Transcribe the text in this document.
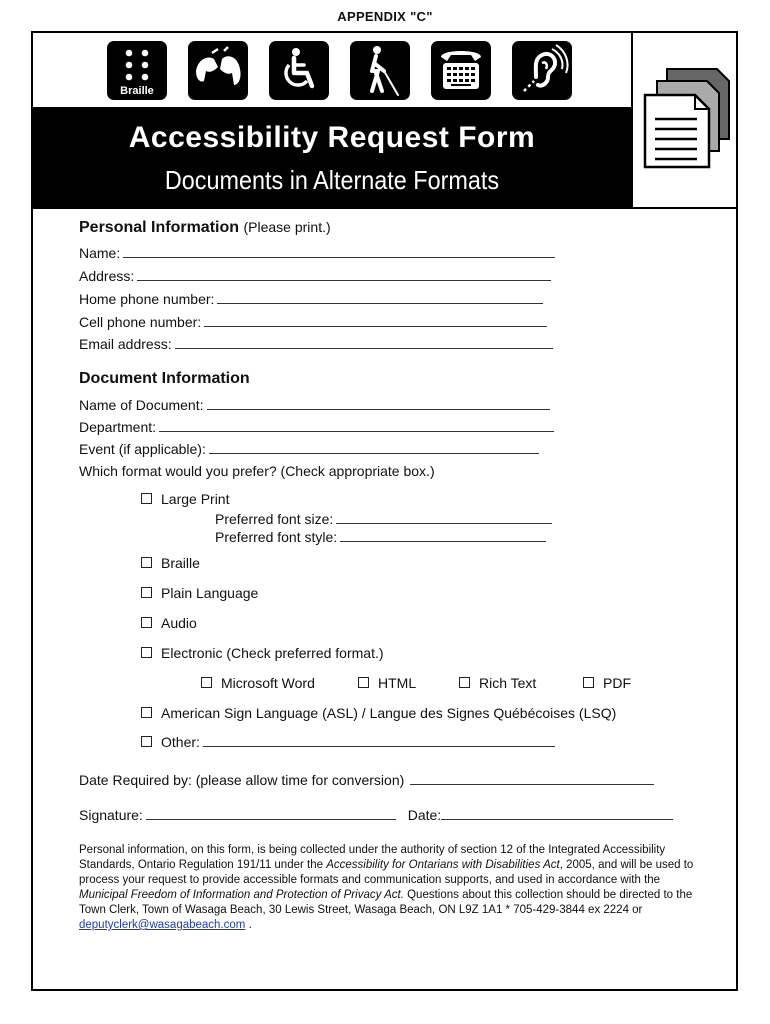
APPENDIX "C"
Braille
Accessibility Request Form
Documents in Alternate Formats
Personal Information (Please print.)
Name:
Address:
Home phone number:
Cell phone number:
Email address:
Document Information
Name of Document:
Department:
Event (if applicable):
Which format would you prefer? (Check appropriate box.)
Large Print
Preferred font size:
Preferred font style:
Braille
Plain Language
Audio
Electronic (Check preferred format.)
Microsoft Word	HTML	Rich Text	PDF
American Sign Language (ASL) / Langue des Signes Québécoises (LSQ)
Other:
Date Required by: (please allow time for conversion)
Signature:	Date:
Personal information, on this form, is being collected under the authority of section 12 of the Integrated Accessibility Standards, Ontario Regulation 191/11 under the Accessibility for Ontarians with Disabilities Act, 2005, and will be used to process your request to provide accessible formats and communication supports, and used in accordance with the Municipal Freedom of Information and Protection of Privacy Act. Questions about this collection should be directed to the Town Clerk, Town of Wasaga Beach, 30 Lewis Street, Wasaga Beach, ON L9Z 1A1 * 705-429-3844 ex 2224 or deputyclerk@wasagabeach.com .
